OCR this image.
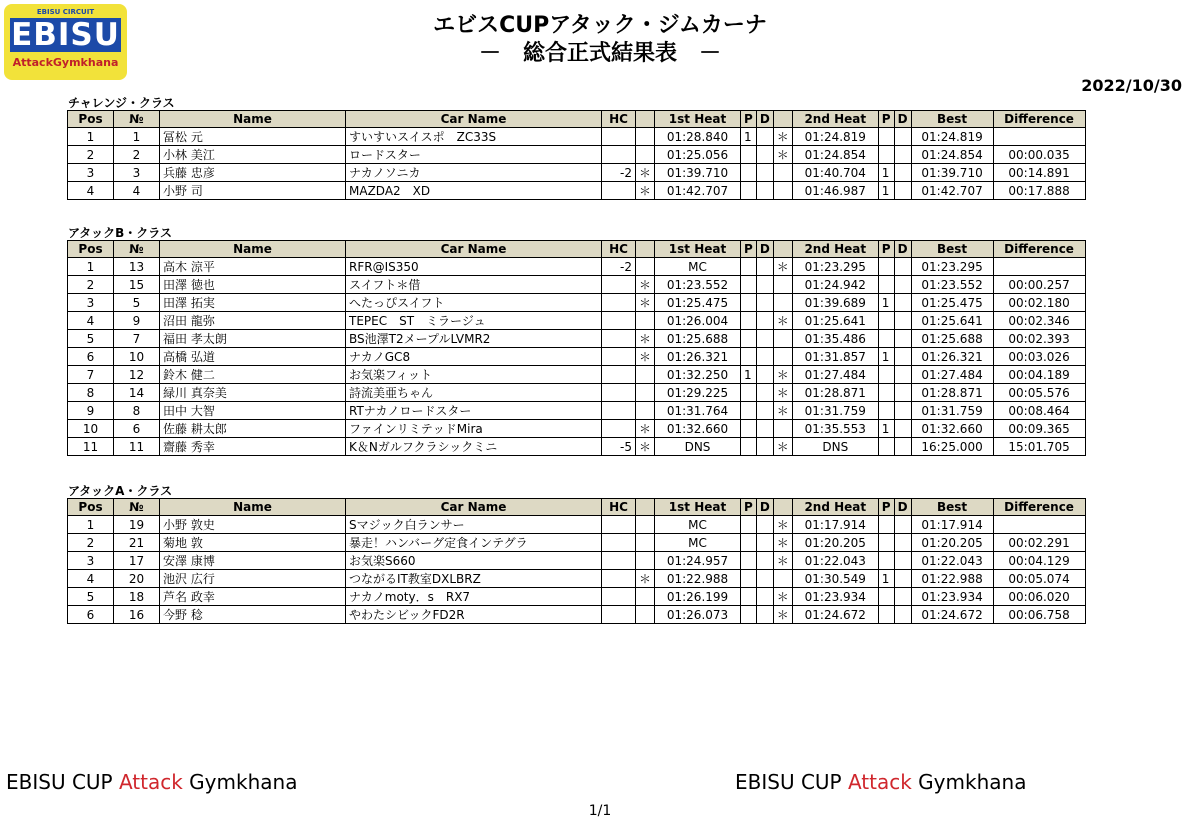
EBISU CIRCUIT
EBISU
AttackGymkhana
エビスCUPアタック・ジムカーナ
－　総合正式結果表　－
2022/10/30
チャレンジ・クラス
Pos	№	Name	Car Name	HC		1st Heat	P	D		2nd Heat	P	D	Best	Difference
1	1	冨松 元	すいすいスイスポ　ZC33S			01:28.840	1		＊	01:24.819			01:24.819	
2	2	小林 美江	ロードスター			01:25.056			＊	01:24.854			01:24.854	00:00.035
3	3	兵藤 忠彦	ナカノソニカ	-2	＊	01:39.710				01:40.704	1		01:39.710	00:14.891
4	4	小野 司	MAZDA2　XD		＊	01:42.707				01:46.987	1		01:42.707	00:17.888
アタックB・クラス
Pos	№	Name	Car Name	HC		1st Heat	P	D		2nd Heat	P	D	Best	Difference
1	13	高木 涼平	RFR@IS350	-2		MC			＊	01:23.295			01:23.295	
2	15	田澤 徳也	スイフト＊借		＊	01:23.552				01:24.942			01:23.552	00:00.257
3	5	田澤 拓実	へたっぴスイフト		＊	01:25.475				01:39.689	1		01:25.475	00:02.180
4	9	沼田 龍弥	TEPEC　ST　ミラージュ			01:26.004			＊	01:25.641			01:25.641	00:02.346
5	7	福田 孝太朗	BS池澤T2メープルLVMR2		＊	01:25.688				01:35.486			01:25.688	00:02.393
6	10	高橋 弘道	ナカノGC8		＊	01:26.321				01:31.857	1		01:26.321	00:03.026
7	12	鈴木 健二	お気楽フィット			01:32.250	1		＊	01:27.484			01:27.484	00:04.189
8	14	緑川 真奈美	詩流美亜ちゃん			01:29.225			＊	01:28.871			01:28.871	00:05.576
9	8	田中 大智	RTナカノロードスター			01:31.764			＊	01:31.759			01:31.759	00:08.464
10	6	佐藤 耕太郎	ファインリミテッドMira		＊	01:32.660				01:35.553	1		01:32.660	00:09.365
11	11	齋藤 秀幸	K＆Nガルフクラシックミニ	-5	＊	DNS			＊	DNS			16:25.000	15:01.705
アタックA・クラス
Pos	№	Name	Car Name	HC		1st Heat	P	D		2nd Heat	P	D	Best	Difference
1	19	小野 敦史	Sマジック白ランサー			MC			＊	01:17.914			01:17.914	
2	21	菊地 敦	暴走！ハンバーグ定食インテグラ			MC			＊	01:20.205			01:20.205	00:02.291
3	17	安澤 康博	お気楽S660			01:24.957			＊	01:22.043			01:22.043	00:04.129
4	20	池沢 広行	つながるIT教室DXLBRZ		＊	01:22.988				01:30.549	1		01:22.988	00:05.074
5	18	芦名 政幸	ナカノmoty．s　RX7			01:26.199			＊	01:23.934			01:23.934	00:06.020
6	16	今野 稔	やわたシビックFD2R			01:26.073			＊	01:24.672			01:24.672	00:06.758
EBISU CUP Attack Gymkhana	EBISU CUP Attack Gymkhana
1/1
